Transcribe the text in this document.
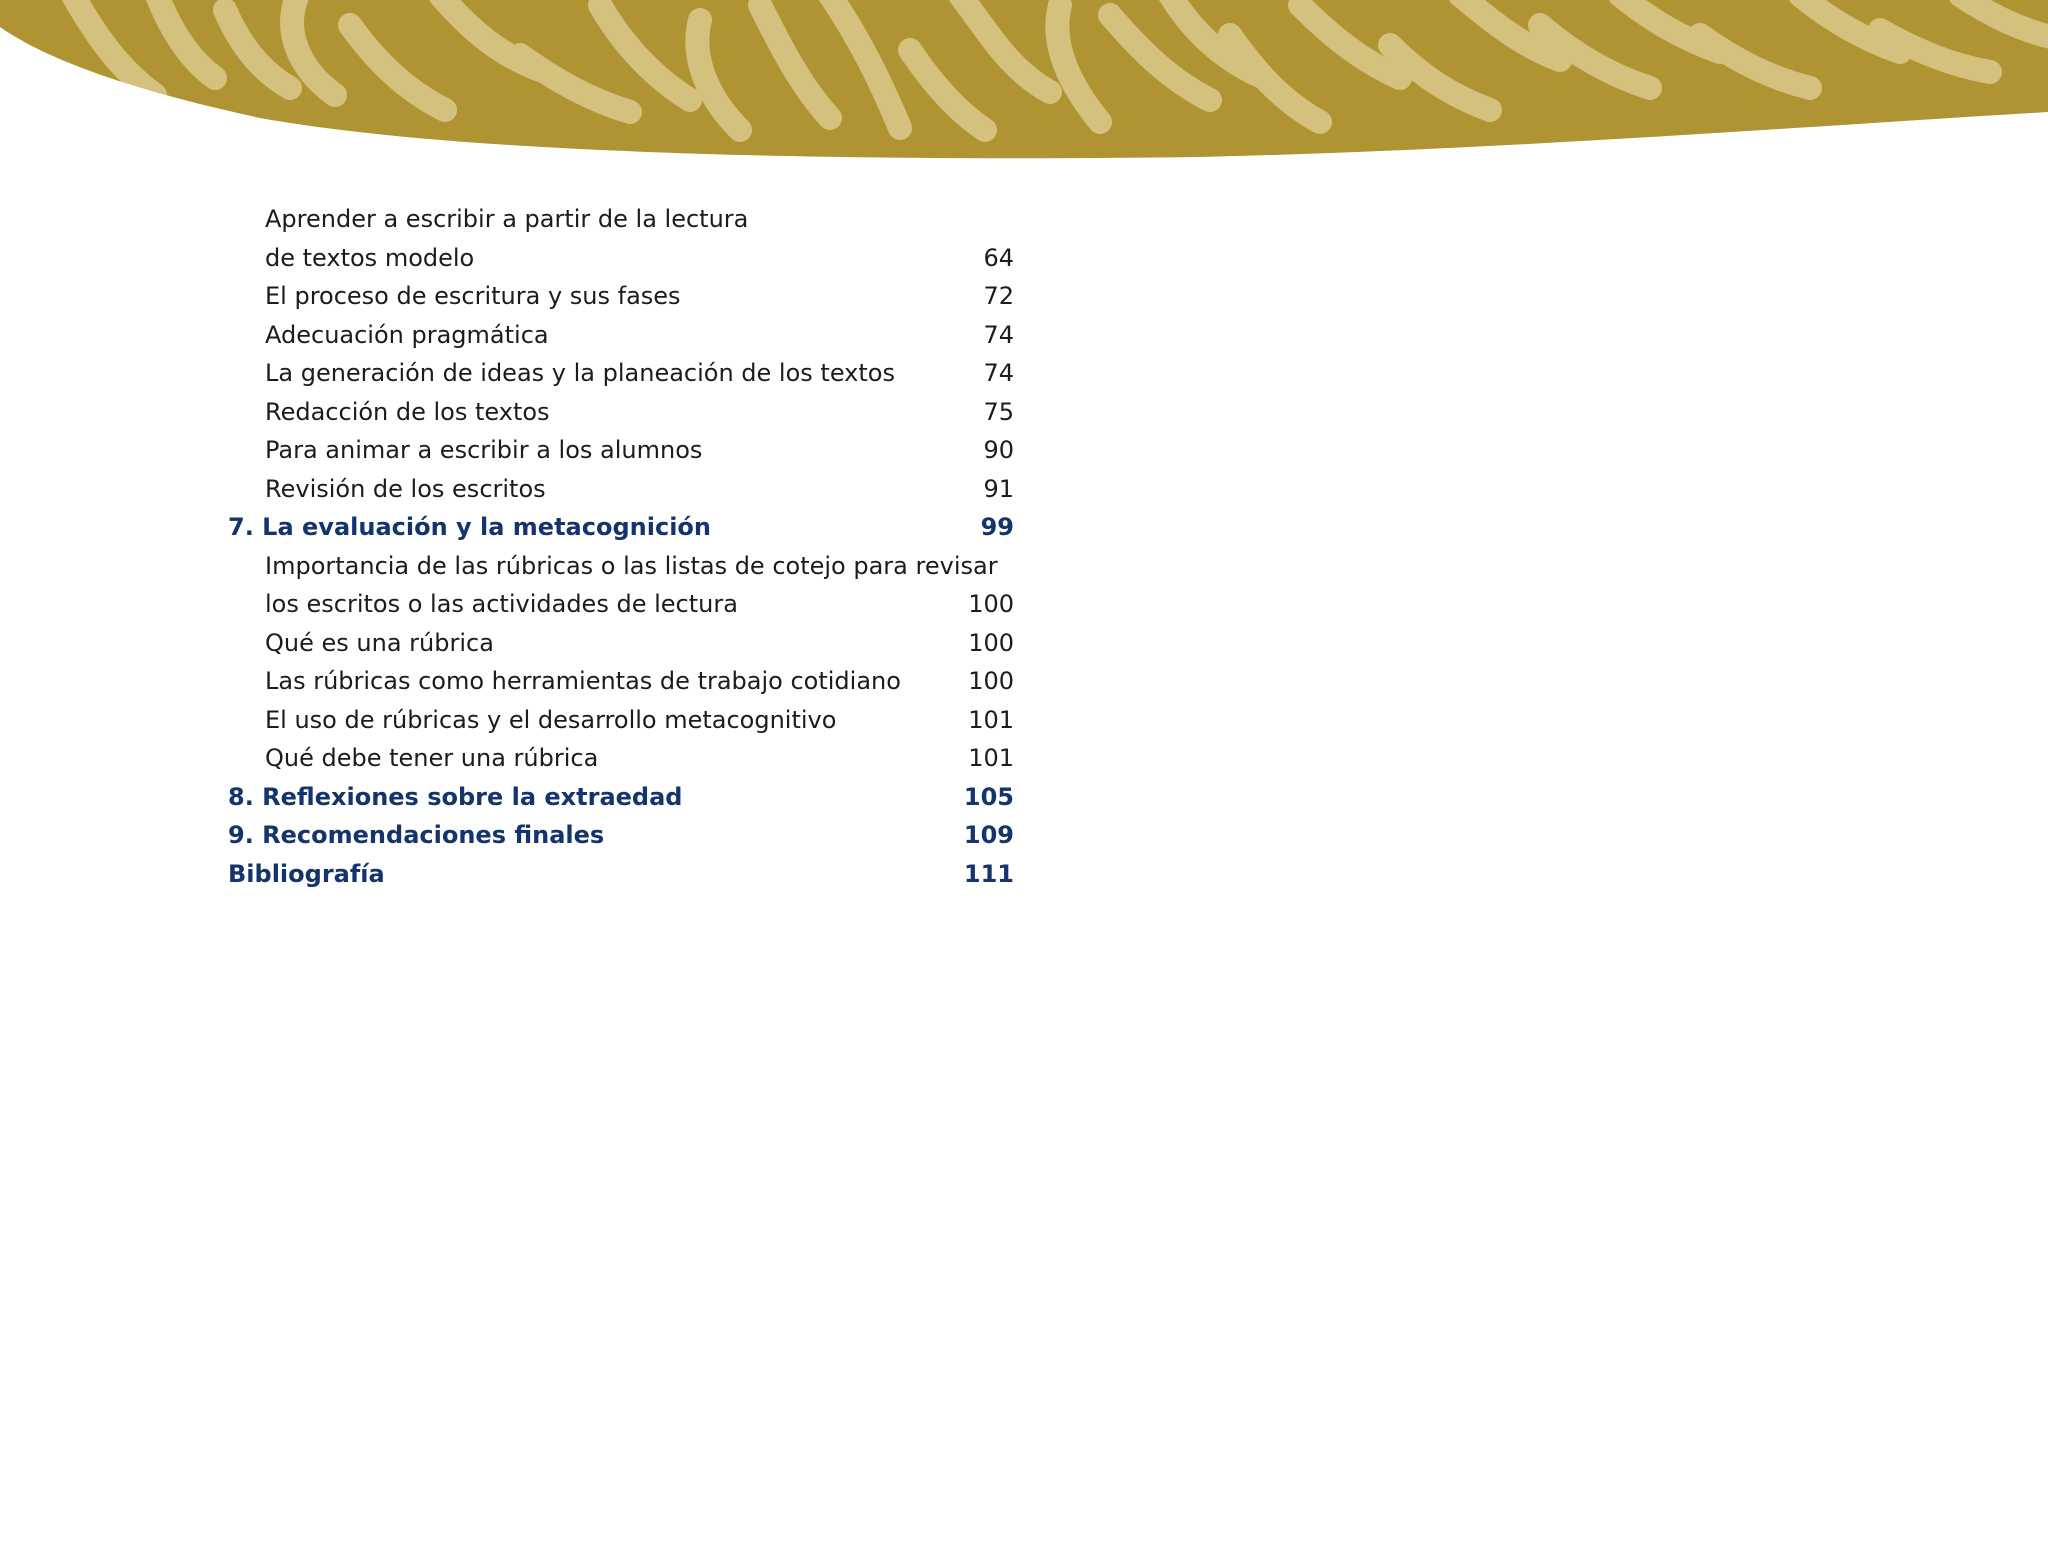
Aprender a escribir a partir de la lectura
de textos modelo	64
El proceso de escritura y sus fases	72
Adecuación pragmática	74
La generación de ideas y la planeación de los textos	74
Redacción de los textos	75
Para animar a escribir a los alumnos	90
Revisión de los escritos	91
7. La evaluación y la metacognición	99
Importancia de las rúbricas o las listas de cotejo para revisar
los escritos o las actividades de lectura	100
Qué es una rúbrica	100
Las rúbricas como herramientas de trabajo cotidiano	100
El uso de rúbricas y el desarrollo metacognitivo	101
Qué debe tener una rúbrica	101
8. Reflexiones sobre la extraedad	105
9. Recomendaciones finales	109
Bibliografía	111
